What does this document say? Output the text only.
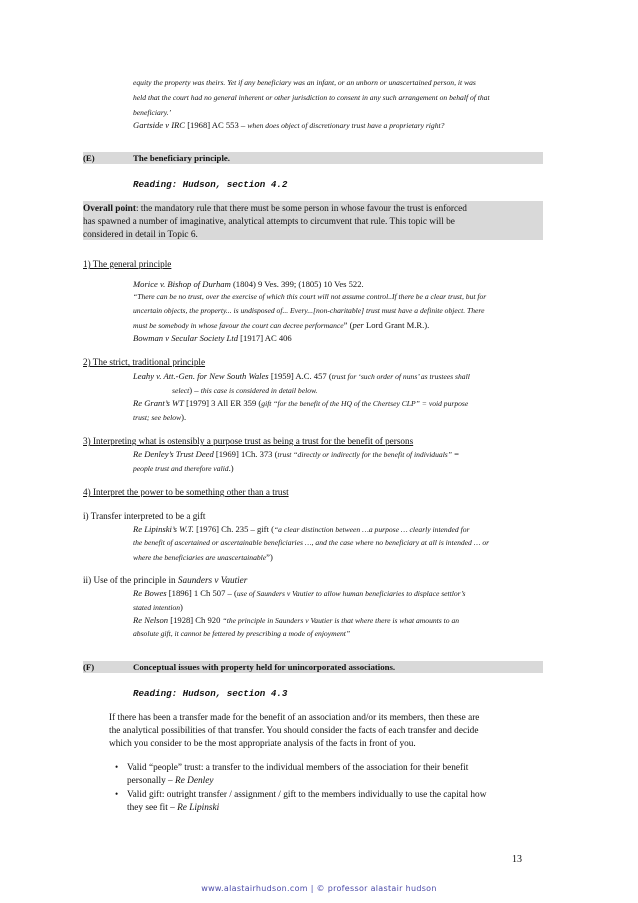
equity the property was theirs. Yet if any beneficiary was an infant, or an unborn or unascertained person, it was
held that the court had no general inherent or other jurisdiction to consent in any such arrangement on behalf of that
beneficiary.’
Gartside v IRC [1968] AC 553 – when does object of discretionary trust have a proprietary right?
(E)	The beneficiary principle.
Reading: Hudson, section 4.2
Overall point: the mandatory rule that there must be some person in whose favour the trust is enforced
has spawned a number of imaginative, analytical attempts to circumvent that rule. This topic will be
considered in detail in Topic 6.
1) The general principle
Morice v. Bishop of Durham (1804) 9 Ves. 399; (1805) 10 Ves 522.
“There can be no trust, over the exercise of which this court will not assume control..If there be a clear trust, but for
uncertain objects, the property... is undisposed of... Every...[non-charitable] trust must have a definite object. There
must be somebody in whose favour the court can decree performance” (per Lord Grant M.R.).
Bowman v Secular Society Ltd [1917] AC 406
2) The strict, traditional principle
Leahy v. Att.-Gen. for New South Wales [1959] A.C. 457 (trust for ‘such order of nuns’ as trustees shall
select) – this case is considered in detail below.
Re Grant’s WT [1979] 3 All ER 359 (gift “for the benefit of the HQ of the Chertsey CLP” = void purpose
trust; see below).
3) Interpreting what is ostensibly a purpose trust as being a trust for the benefit of persons
Re Denley’s Trust Deed [1969] 1Ch. 373 (trust “directly or indirectly for the benefit of individuals” =
people trust and therefore valid.)
4) Interpret the power to be something other than a trust
i) Transfer interpreted to be a gift
Re Lipinski’s W.T. [1976] Ch. 235 – gift (“a clear distinction between …a purpose … clearly intended for
the benefit of ascertained or ascertainable beneficiaries …, and the case where no beneficiary at all is intended … or
where the beneficiaries are unascertainable”)
ii) Use of the principle in Saunders v Vautier
Re Bowes [1896] 1 Ch 507 – (use of Saunders v Vautier to allow human beneficiaries to displace settlor’s
stated intention)
Re Nelson [1928] Ch 920 “the principle in Saunders v Vautier is that where there is what amounts to an
absolute gift, it cannot be fettered by prescribing a mode of enjoyment”
(F)	Conceptual issues with property held for unincorporated associations.
Reading: Hudson, section 4.3
If there has been a transfer made for the benefit of an association and/or its members, then these are
the analytical possibilities of that transfer. You should consider the facts of each transfer and decide
which you consider to be the most appropriate analysis of the facts in front of you.
• Valid “people” trust: a transfer to the individual members of the association for their benefit
personally – Re Denley
• Valid gift: outright transfer / assignment / gift to the members individually to use the capital how
they see fit – Re Lipinski
13
www.alastairhudson.com | © professor alastair hudson
